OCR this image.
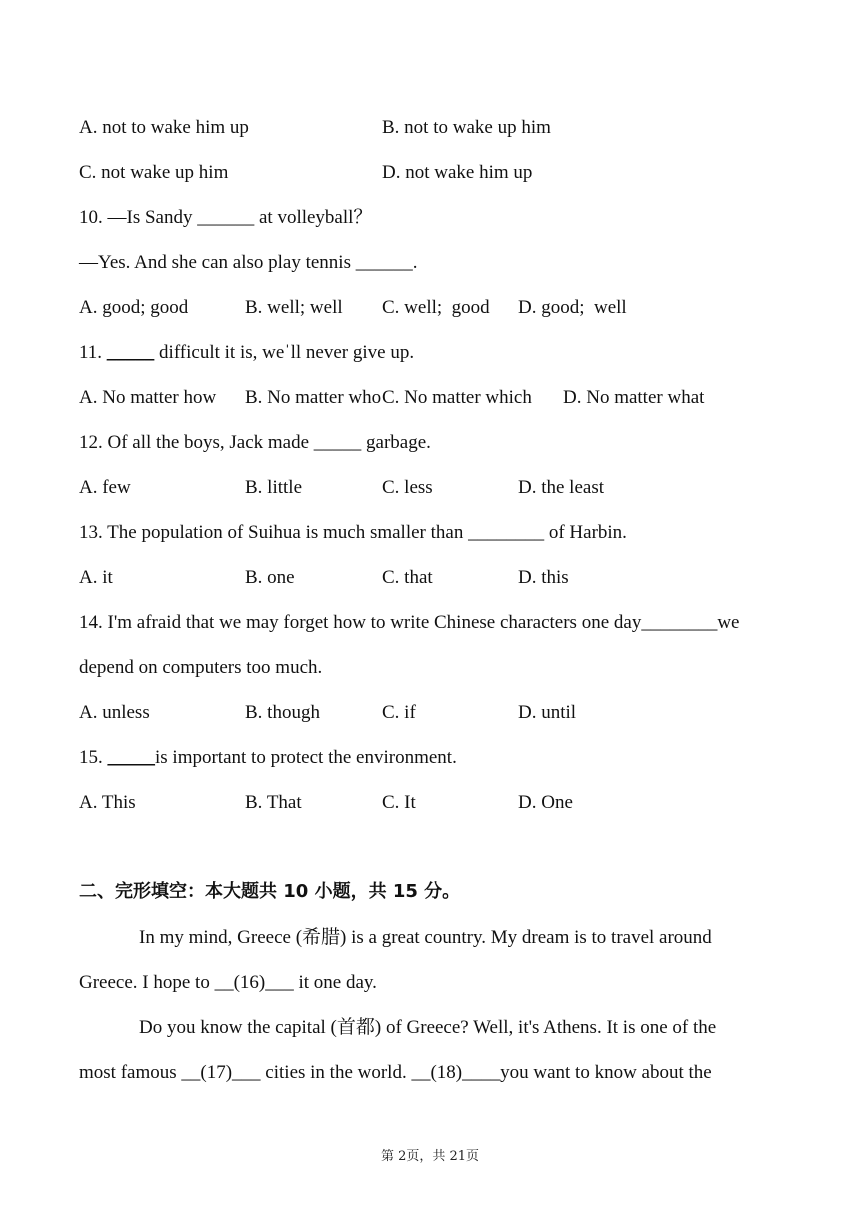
A. not to wake him up	B. not to wake up him
C. not wake up him	D. not wake him up
10. —Is Sandy ______ at volleyball？
—Yes. And she can also play tennis ______.
A. good; good	B. well; well C. well;  good D. good;  well
11. _____ difficult it is, weˈll never give up.
A. No matter how B. No matter who C. No matter which D. No matter what
12. Of all the boys, Jack made _____ garbage.
A. few	B. little	C. less	D. the least
13. The population of Suihua is much smaller than ________ of Harbin.
A. it	B. one	C. that	D. this
14. I'm afraid that we may forget how to write Chinese characters one day________we
depend on computers too much.
A. unless	B. though	C. if	D. until
15. _____is important to protect the environment.
A. This	B. That	C. It	D. One
二、完形填空：本大题共 10 小题，共 15 分。
In my mind, Greece (希腊) is a great country. My dream is to travel around
Greece. I hope to __(16)___ it one day.
Do you know the capital (首都) of Greece? Well, it's Athens. It is one of the
most famous __(17)___ cities in the world. __(18)____you want to know about the
第 2页，共 21页
